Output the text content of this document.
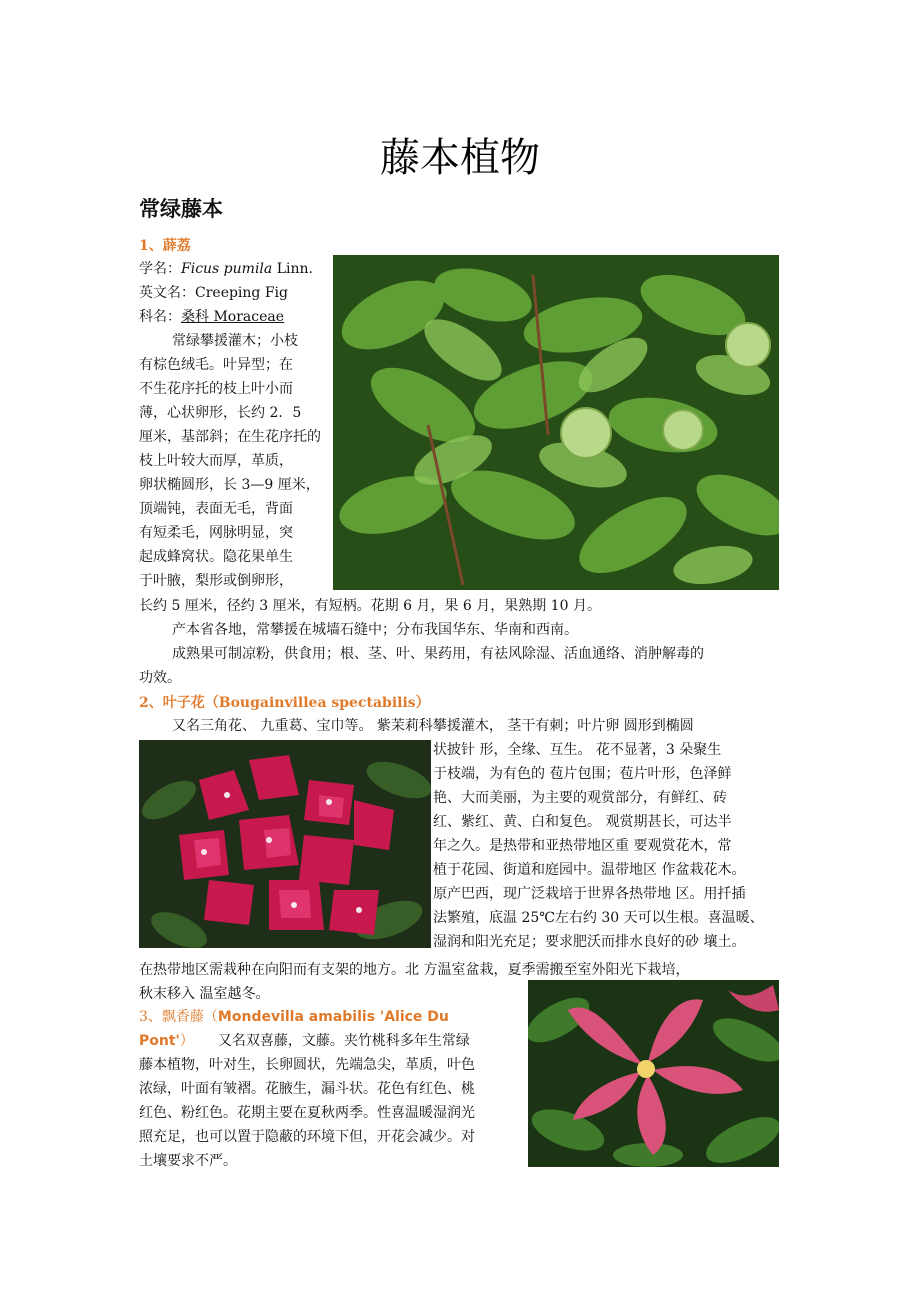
藤本植物
常绿藤本
1、薜荔
学名：Ficus pumila Linn.
英文名：Creeping Fig
科名：桑科 Moraceae
常绿攀援灌木；小枝
有棕色绒毛。叶异型；在
不生花序托的枝上叶小而
薄，心状卵形，长约 2．5
厘米，基部斜；在生花序托的
枝上叶较大而厚，革质，
卵状椭圆形，长 3—9 厘米，
顶端钝，表面无毛，背面
有短柔毛，网脉明显，突
起成蜂窝状。隐花果单生
于叶腋，梨形或倒卵形，
长约 5 厘米，径约 3 厘米，有短柄。花期 6 月，果 6 月，果熟期 10 月。
产本省各地，常攀援在城墙石缝中；分布我国华东、华南和西南。
成熟果可制凉粉，供食用；根、茎、叶、果药用，有祛风除湿、活血通络、消肿解毒的
功效。
2、叶子花（Bougainvillea spectabilis）
又名三角花、 九重葛、宝巾等。 紫茉莉科攀援灌木， 茎干有刺；叶片卵 圆形到椭圆
状披针 形，全缘、互生。 花不显著，3 朵聚生
于枝端，为有色的 苞片包围；苞片叶形，色泽鲜
艳、大而美丽，为主要的观赏部分，有鲜红、砖
红、紫红、黄、白和复色。 观赏期甚长，可达半
年之久。是热带和亚热带地区重 要观赏花木，常
植于花园、街道和庭园中。温带地区 作盆栽花木。
原产巴西，现广泛栽培于世界各热带地 区。用扦插
法繁殖，底温 25℃左右约 30 天可以生根。喜温暖、
湿润和阳光充足；要求肥沃而排水良好的砂 壤土。
在热带地区需栽种在向阳而有支架的地方。北 方温室盆栽，夏季需搬至室外阳光下栽培，
秋末移入 温室越冬。
3、飘香藤（Mondevilla amabilis 'Alice Du
Pont'） 又名双喜藤，文藤。夹竹桃科多年生常绿
藤本植物，叶对生，长卵圆状，先端急尖，革质，叶色
浓绿，叶面有皱褶。花腋生，漏斗状。花色有红色、桃
红色、粉红色。花期主要在夏秋两季。性喜温暖湿润光
照充足，也可以置于隐蔽的环境下但，开花会减少。对
土壤要求不严。
